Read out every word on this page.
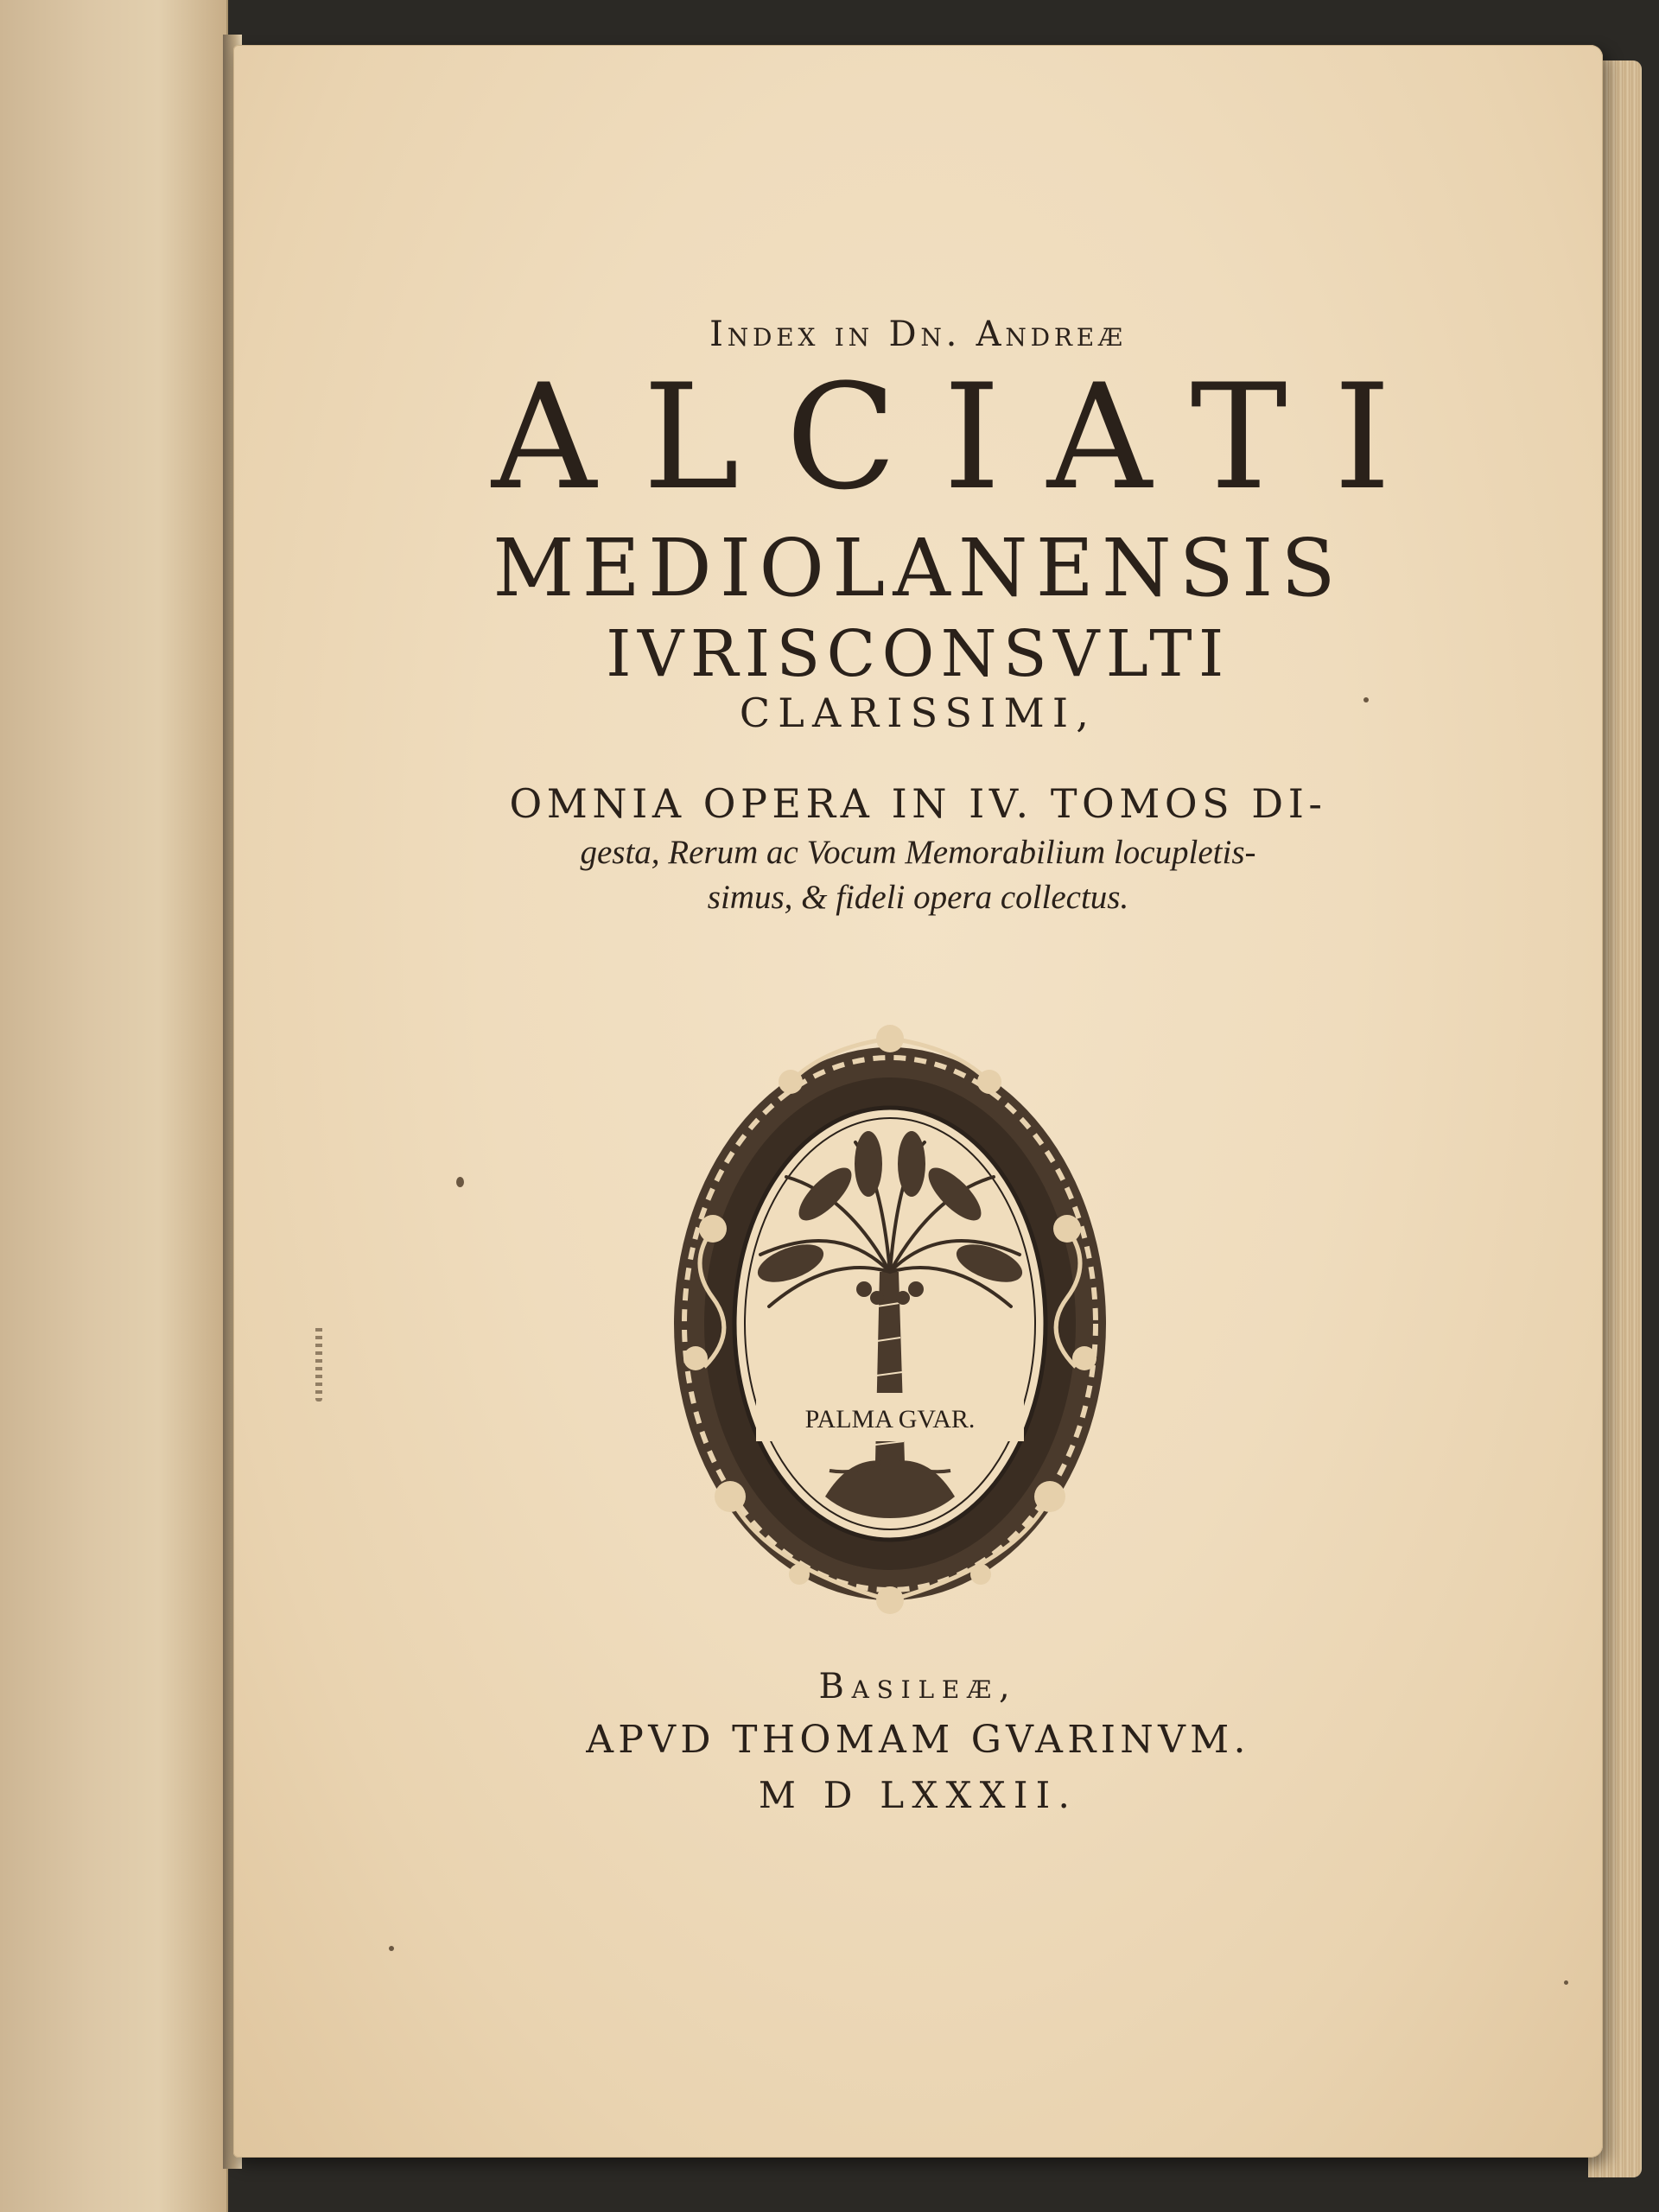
Index in Dn. Andreæ
ALCIATI
MEDIOLANENSIS
IVRISCONSVLTI
CLARISSIMI,
OMNIA OPERA IN IV. TOMOS DI-
gesta, Rerum ac Vocum Memorabilium locupletis-
simus, & fideli opera collectus.
PALMA GVAR.
Basileæ,
APVD THOMAM GVARINVM.
M D LXXXII.
